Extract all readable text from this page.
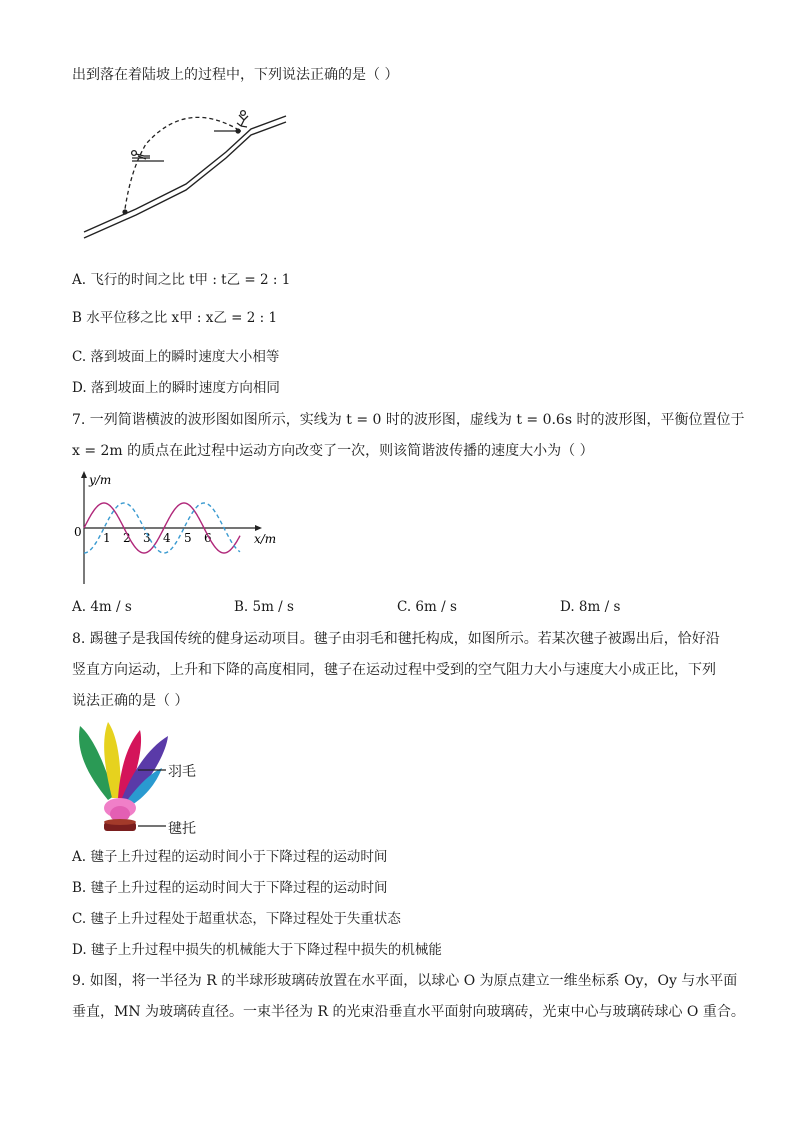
出到落在着陆坡上的过程中，下列说法正确的是（ ）
A. 飞行的时间之比 t甲 : t乙 = 2 : 1
B 水平位移之比 x甲 : x乙 = 2 : 1
C. 落到坡面上的瞬时速度大小相等
D. 落到坡面上的瞬时速度方向相同
7. 一列简谐横波的波形图如图所示，实线为 t = 0 时的波形图，虚线为 t = 0.6s 时的波形图，平衡位置位于
x = 2m 的质点在此过程中运动方向改变了一次，则该简谐波传播的速度大小为（ ）
y/m
x/m
0 1 2 3 4 5 6
A. 4m / s	B. 5m / s	C. 6m / s	D. 8m / s
8. 踢毽子是我国传统的健身运动项目。毽子由羽毛和毽托构成，如图所示。若某次毽子被踢出后，恰好沿
竖直方向运动，上升和下降的高度相同，毽子在运动过程中受到的空气阻力大小与速度大小成正比，下列
说法正确的是（ ）
羽毛
毽托
A. 毽子上升过程的运动时间小于下降过程的运动时间
B. 毽子上升过程的运动时间大于下降过程的运动时间
C. 毽子上升过程处于超重状态，下降过程处于失重状态
D. 毽子上升过程中损失的机械能大于下降过程中损失的机械能
9. 如图，将一半径为 R 的半球形玻璃砖放置在水平面，以球心 O 为原点建立一维坐标系 Oy，Oy 与水平面
垂直，MN 为玻璃砖直径。一束半径为 R 的光束沿垂直水平面射向玻璃砖，光束中心与玻璃砖球心 O 重合。
